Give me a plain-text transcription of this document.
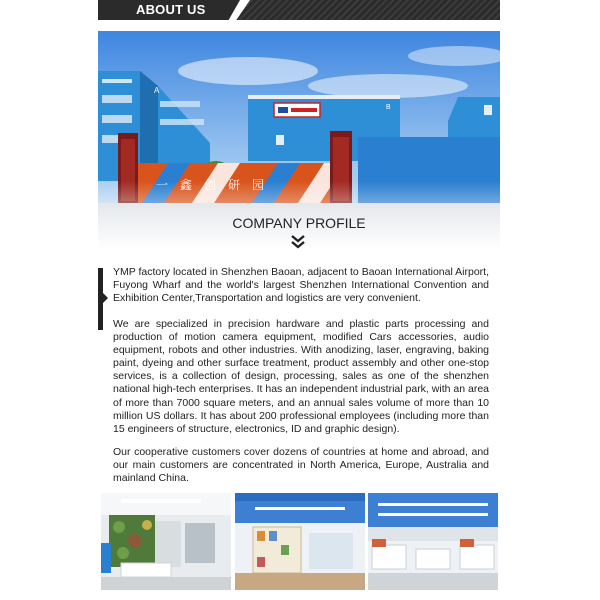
ABOUT US
A
B
COMPANY PROFILE

YMP factory located in Shenzhen Baoan, adjacent to Baoan International Airport, Fuyong Wharf and the world's largest Shenzhen International Convention and Exhibition Center,Transportation and logistics are very convenient.

We are specialized in precision hardware and plastic parts processing and production of motion camera equipment, modified Cars accessories, audio equipment, robots and other industries. With anodizing, laser, engraving, baking paint, dyeing and other surface treatment, product assembly and other one-stop services, is a collection of design, processing, sales as one of the shenzhen national high-tech enterprises. It has an independent industrial park, with an area of more than 7000 square meters, and an annual sales volume of more than 10 million US dollars. It has about 200 professional employees (including more than 15 engineers of structure, electronics, ID and graphic design).

Our cooperative customers cover dozens of countries at home and abroad, and our main customers are concentrated in North America, Europe, Australia and mainland China.
